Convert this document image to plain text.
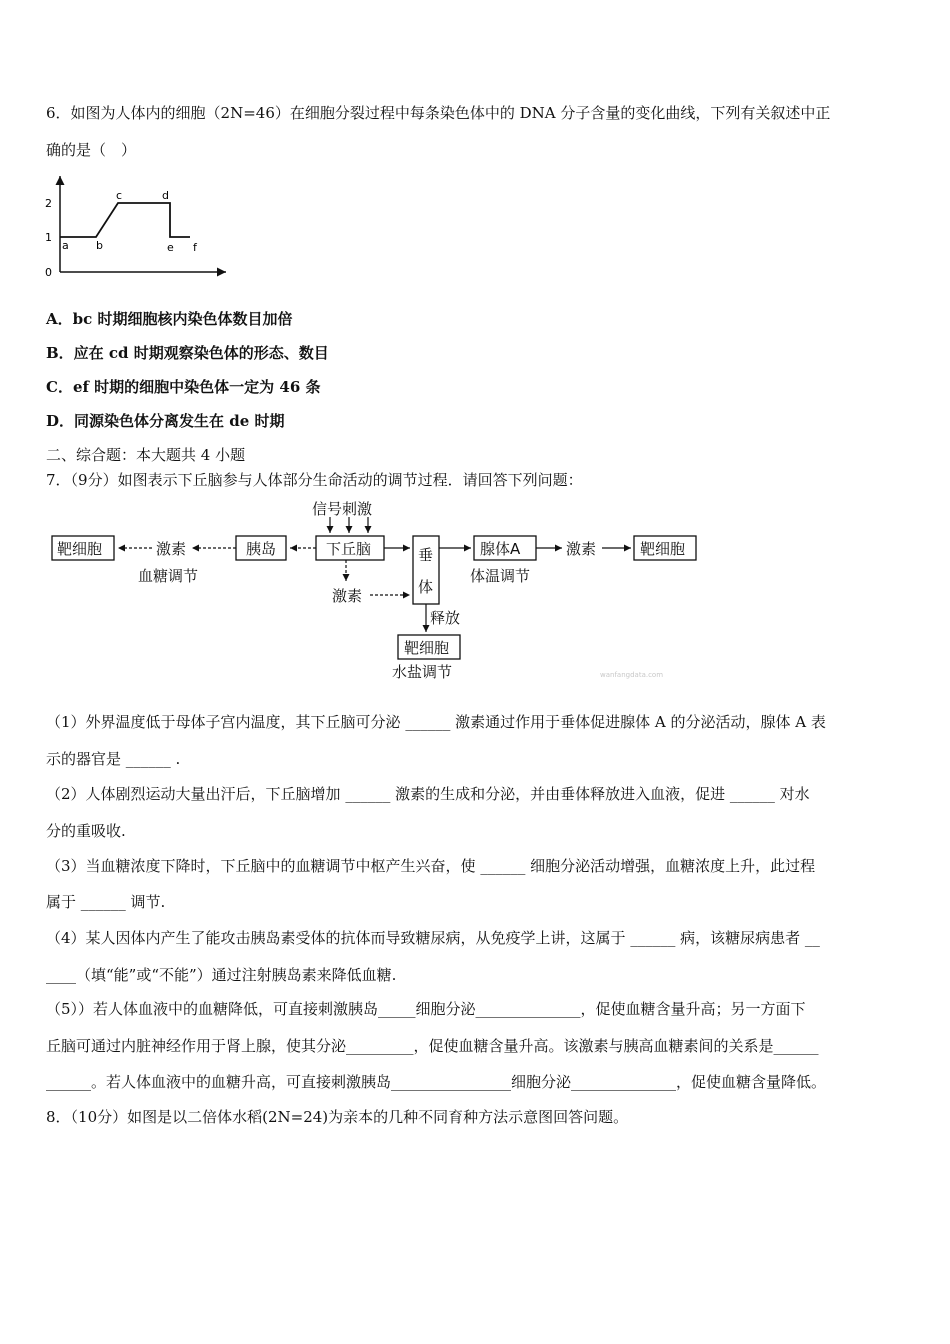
6．如图为人体内的细胞（2N=46）在细胞分裂过程中每条染色体中的 DNA 分子含量的变化曲线，下列有关叙述中正
确的是（　）
0
1
2
a b
c	d
e f
A．bc 时期细胞核内染色体数目加倍
B．应在 cd 时期观察染色体的形态、数目
C．ef 时期的细胞中染色体一定为 46 条
D．同源染色体分离发生在 de 时期
二、综合题：本大题共 4 小题
7．（9分）如图表示下丘脑参与人体部分生命活动的调节过程．请回答下列问题：
靶细胞	激素	胰岛	下丘脑
信号刺激
垂
体
腺体A	激素	靶细胞
血糖调节	体温调节
激素
释放
靶细胞
水盐调节	wanfangdata.com
（1）外界温度低于母体子宫内温度，其下丘脑可分泌 ______ 激素通过作用于垂体促进腺体 A 的分泌活动，腺体 A 表
示的器官是 ______ .
（2）人体剧烈运动大量出汗后，下丘脑增加 ______ 激素的生成和分泌，并由垂体释放进入血液，促进 ______ 对水
分的重吸收.
（3）当血糖浓度下降时，下丘脑中的血糖调节中枢产生兴奋，使 ______ 细胞分泌活动增强，血糖浓度上升，此过程
属于 ______ 调节.
（4）某人因体内产生了能攻击胰岛素受体的抗体而导致糖尿病，从免疫学上讲，这属于 ______ 病，该糖尿病患者 __
____（填“能”或“不能”）通过注射胰岛素来降低血糖.
（5））若人体血液中的血糖降低，可直接刺激胰岛_____细胞分泌______________，促使血糖含量升高；另一方面下
丘脑可通过内脏神经作用于肾上腺，使其分泌_________，促使血糖含量升高。该激素与胰高血糖素间的关系是______
______。若人体血液中的血糖升高，可直接刺激胰岛________________细胞分泌______________，促使血糖含量降低。
8．（10分）如图是以二倍体水稻(2N=24)为亲本的几种不同育种方法示意图回答问题。
